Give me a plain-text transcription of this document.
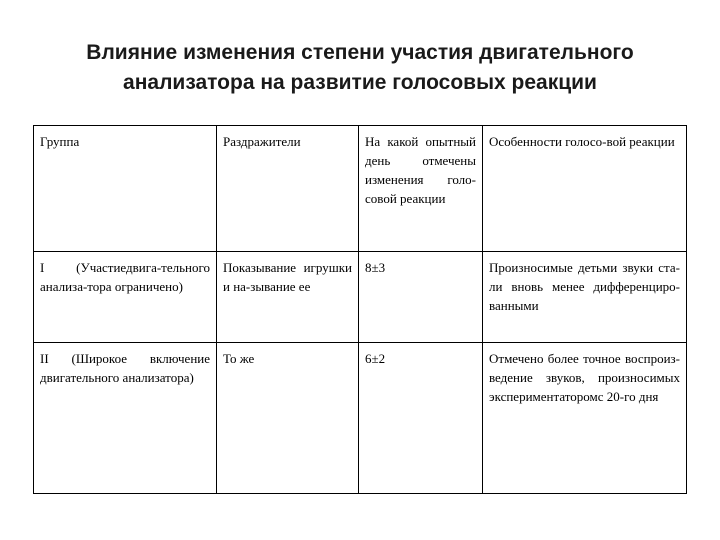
Влияние изменения степени участия двигательного
анализатора на развитие голосовых реакции
Группа	Раздражители	На какой опытный день отмечены изменения голо-совой реакции	Особенности голосо-вой реакции

I (Участиедвига-тельного анализа-тора ограничено)	Показывание игрушки и на-зывание ее	8±3	Произносимые детьми звуки ста-ли вновь менее дифференциро-ванными

II (Широкое включение двигательного анализатора)	То же	6±2	Отмечено более точное воспроиз-ведение звуков, произносимых экспериментаторомс 20-го дня
